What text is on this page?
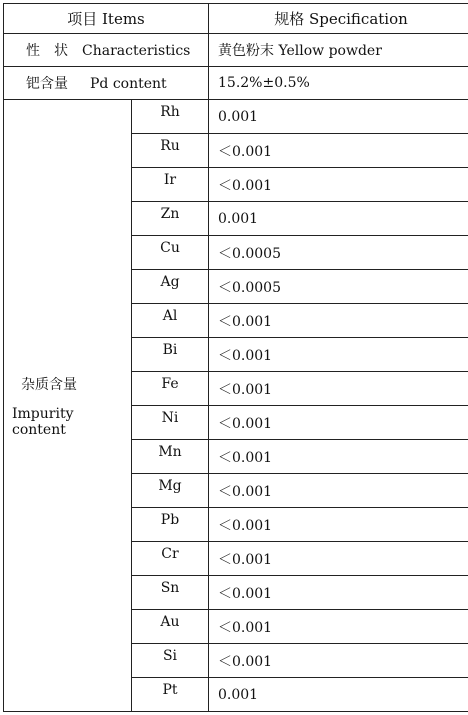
项目 Items		规格 Specification
性　状 Characteristics		黄色粉末 Yellow powder
钯含量 Pd content		15.2%±0.5%

杂质含量
Impurity content	Rh	0.001
	Ru	＜0.001
	Ir	＜0.001
	Zn	0.001
	Cu	＜0.0005
	Ag	＜0.0005
	Al	＜0.001
	Bi	＜0.001
	Fe	＜0.001
	Ni	＜0.001
	Mn	＜0.001
	Mg	＜0.001
	Pb	＜0.001
	Cr	＜0.001
	Sn	＜0.001
	Au	＜0.001
	Si	＜0.001
	Pt	0.001
